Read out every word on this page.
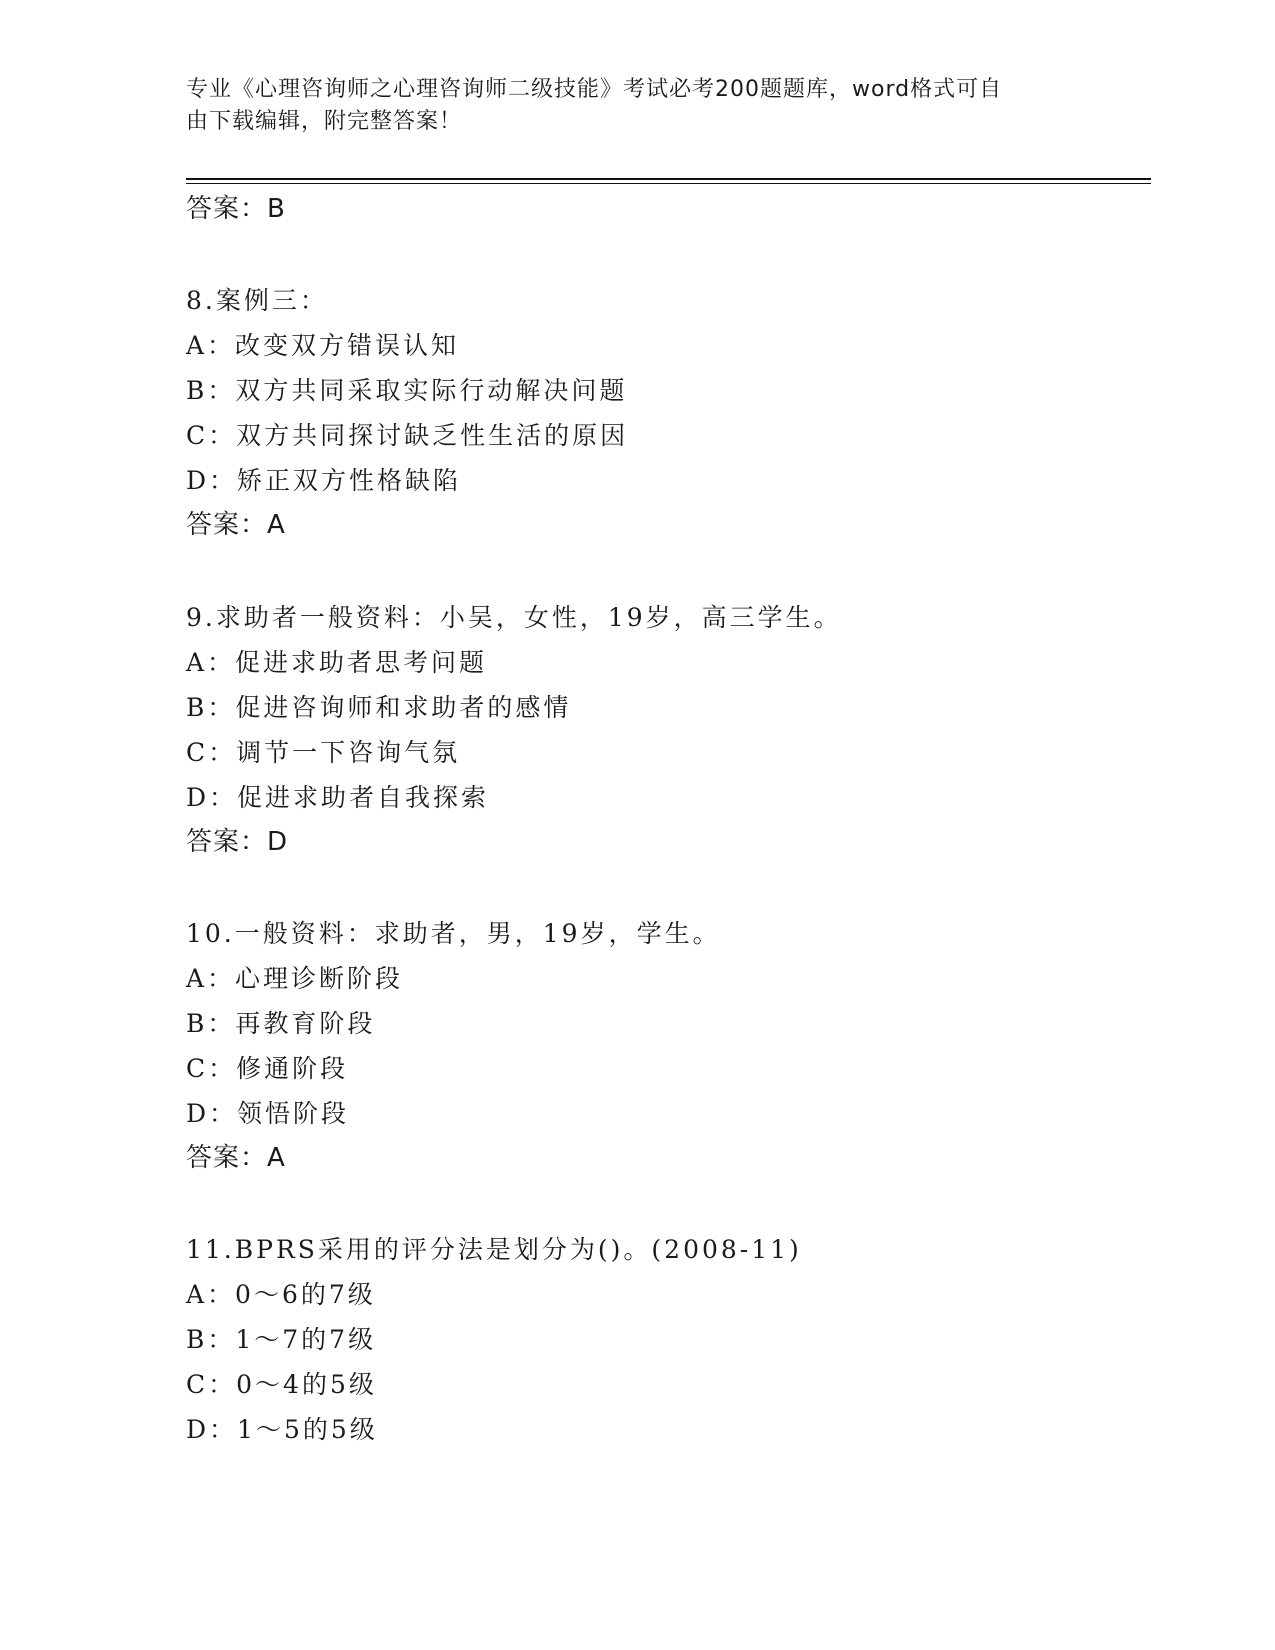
专业《心理咨询师之心理咨询师二级技能》考试必考200题题库，word格式可自
由下载编辑，附完整答案！
答案：B
8.案例三：
A：改变双方错误认知
B：双方共同采取实际行动解决问题
C：双方共同探讨缺乏性生活的原因
D：矫正双方性格缺陷
答案：A
9.求助者一般资料：小吴，女性，19岁，高三学生。
A：促进求助者思考问题
B：促进咨询师和求助者的感情
C：调节一下咨询气氛
D：促进求助者自我探索
答案：D
10.一般资料：求助者，男，19岁，学生。
A：心理诊断阶段
B：再教育阶段
C：修通阶段
D：领悟阶段
答案：A
11.BPRS采用的评分法是划分为()。(2008-11)
A：0～6的7级
B：1～7的7级
C：0～4的5级
D：1～5的5级
